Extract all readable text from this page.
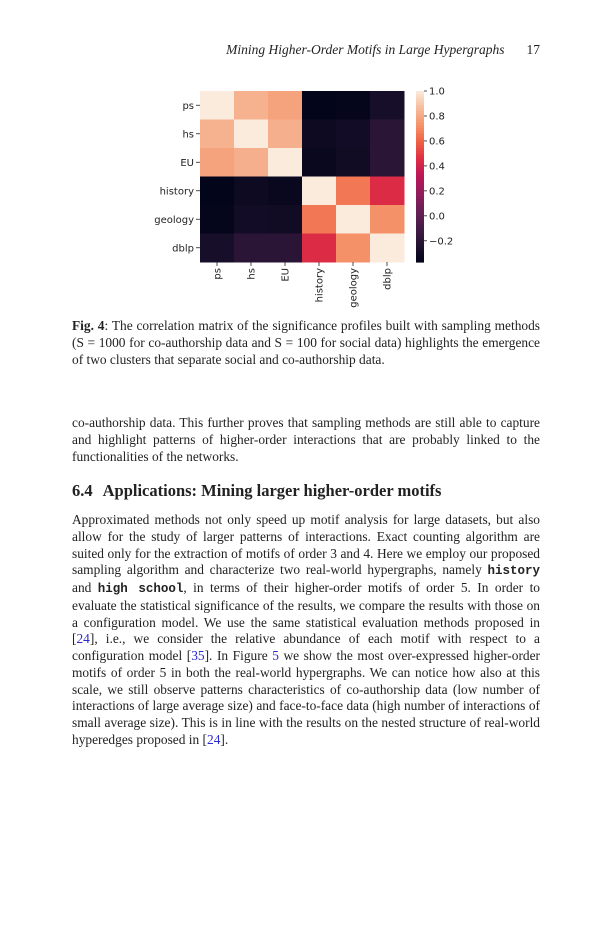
Mining Higher-Order Motifs in Large Hypergraphs 17
ps
hs
EU
history
geology
dblp
ps hs EU history geology dblp
1.0
0.8
0.6
0.4
0.2
0.0
−0.2
Fig. 4: The correlation matrix of the significance profiles built with sampling methods (S = 1000 for co-authorship data and S = 100 for social data) highlights the emergence of two clusters that separate social and co-authorship data.
co-authorship data. This further proves that sampling methods are still able to capture and highlight patterns of higher-order interactions that are probably linked to the functionalities of the networks.
6.4 Applications: Mining larger higher-order motifs
Approximated methods not only speed up motif analysis for large datasets, but also allow for the study of larger patterns of interactions. Exact counting algorithm are suited only for the extraction of motifs of order 3 and 4. Here we employ our proposed sampling algorithm and characterize two real-world hypergraphs, namely history and high school, in terms of their higher-order motifs of order 5. In order to evaluate the statistical significance of the results, we compare the results with those on a configuration model. We use the same statistical evaluation methods proposed in [24], i.e., we consider the relative abundance of each motif with respect to a configuration model [35]. In Figure 5 we show the most over-expressed higher-order motifs of order 5 in both the real-world hypergraphs. We can notice how also at this scale, we still observe patterns characteristics of co-authorship data (low number of interactions of large average size) and face-to-face data (high number of interactions of small average size). This is in line with the results on the nested structure of real-world hyperedges proposed in [24].
